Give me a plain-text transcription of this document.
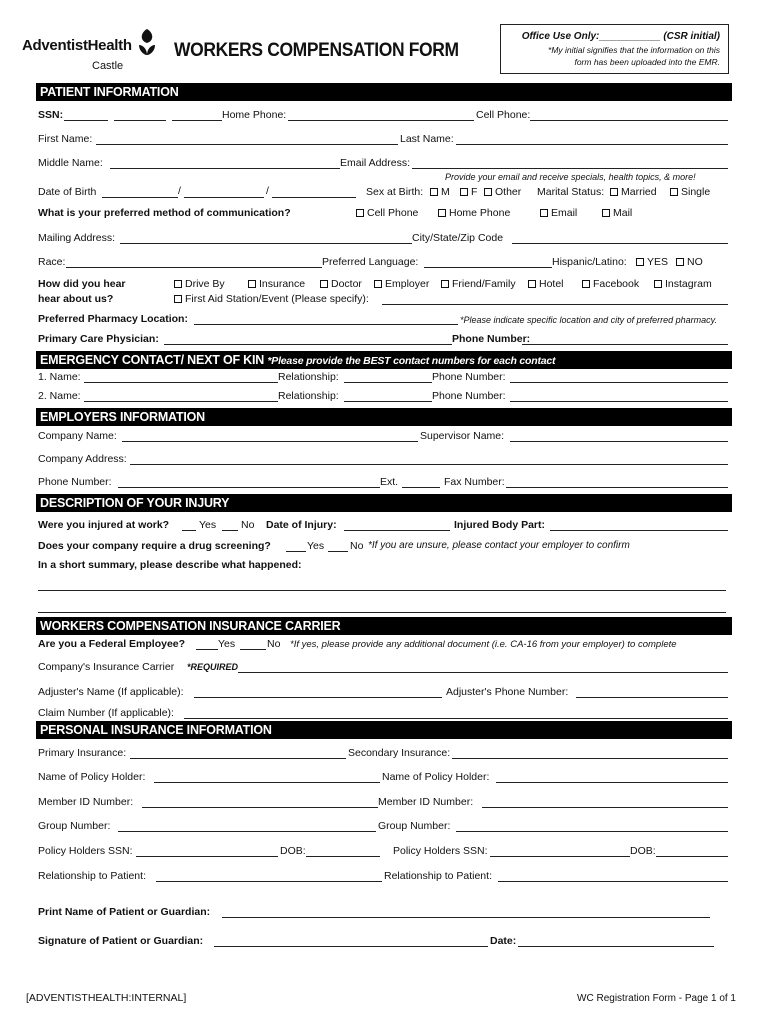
AdventistHealth
Castle
WORKERS COMPENSATION FORM
Office Use Only:___________ (CSR initial)
*My initial signifies that the information on this
form has been uploaded into the EMR.
PATIENT INFORMATION
SSN:	Home Phone:	Cell Phone:
First Name:	Last Name:
Middle Name:	Email Address:
Provide your email and receive specials, health topics, & more!
Date of Birth	/	/	Sex at Birth:	M	F	Other Marital Status:	Married	Single
What is your preferred method of communication?	Cell Phone	Home Phone	Email	Mail
Mailing Address:	City/State/Zip Code
Race:	Preferred Language:	Hispanic/Latino:	YES	NO
How did you hear
hear about us?
Drive By	Insurance	Doctor	Employer	Friend/Family	Hotel	Facebook	Instagram
First Aid Station/Event (Please specify):
Preferred Pharmacy Location:	*Please indicate specific location and city of preferred pharmacy.
Primary Care Physician:	Phone Number:
EMERGENCY CONTACT/ NEXT OF KIN *Please provide the BEST contact numbers for each contact
1. Name:	Relationship:	Phone Number:
2. Name:	Relationship:	Phone Number:
EMPLOYERS INFORMATION
Company Name:	Supervisor Name:
Company Address:
Phone Number:	Ext.	Fax Number:
DESCRIPTION OF YOUR INJURY
Were you injured at work?	Yes No Date of Injury:	Injured Body Part:
Does your company require a drug screening?	Yes No *If you are unsure, please contact your employer to confirm
In a short summary, please describe what happened:
WORKERS COMPENSATION INSURANCE CARRIER
Are you a Federal Employee?	Yes	No *If yes, please provide any additional document (i.e. CA-16 from your employer) to complete
Company's Insurance Carrier *REQUIRED
Adjuster's Name (If applicable):	Adjuster's Phone Number:
Claim Number (If applicable):
PERSONAL INSURANCE INFORMATION
Primary Insurance:	Secondary Insurance:
Name of Policy Holder:	Name of Policy Holder:
Member ID Number:	Member ID Number:
Group Number:	Group Number:
Policy Holders SSN:	DOB:	Policy Holders SSN:	DOB:
Relationship to Patient:	Relationship to Patient:
Print Name of Patient or Guardian:
Signature of Patient or Guardian:	Date:
[ADVENTISTHEALTH:INTERNAL]	WC Registration Form - Page 1 of 1
